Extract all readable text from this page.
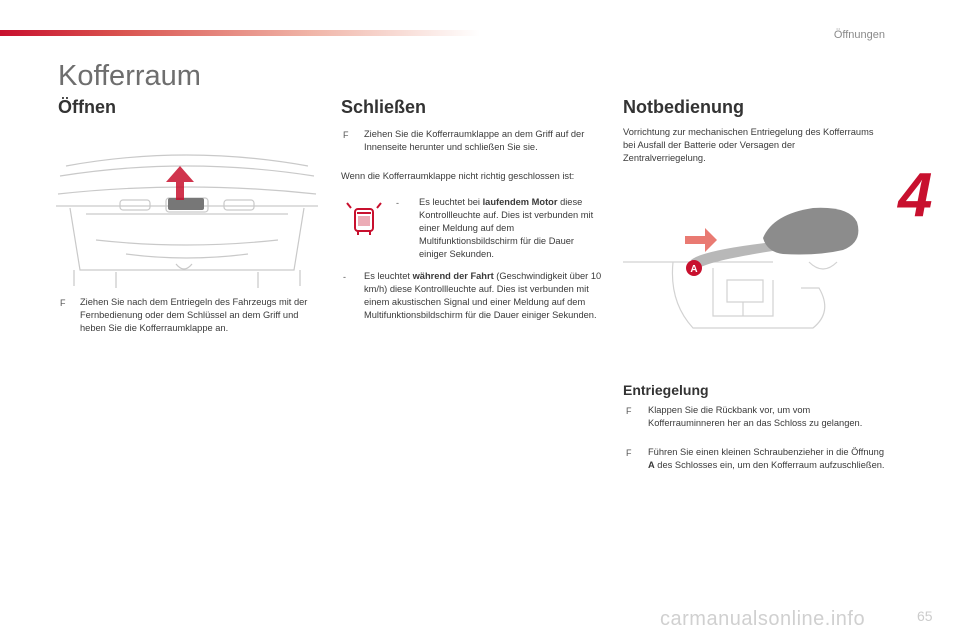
Öffnungen
4
Kofferraum
Öffnen
F Ziehen Sie nach dem Entriegeln des Fahrzeugs mit der Fernbedienung oder dem Schlüssel an dem Griff und heben Sie die Kofferraumklappe an.
Schließen
F Ziehen Sie die Kofferraumklappe an dem Griff auf der Innenseite herunter und schließen Sie sie.
Wenn die Kofferraumklappe nicht richtig geschlossen ist:
- Es leuchtet bei laufendem Motor diese Kontrollleuchte auf. Dies ist verbunden mit einer Meldung auf dem Multifunktionsbildschirm für die Dauer einiger Sekunden.
- Es leuchtet während der Fahrt (Geschwindigkeit über 10 km/h) diese Kontrollleuchte auf. Dies ist verbunden mit einem akustischen Signal und einer Meldung auf dem Multifunktionsbildschirm für die Dauer einiger Sekunden.
Notbedienung
Vorrichtung zur mechanischen Entriegelung des Kofferraums bei Ausfall der Batterie oder Versagen der Zentralverriegelung.
A
Entriegelung
F Klappen Sie die Rückbank vor, um vom Kofferrauminneren her an das Schloss zu gelangen.
F Führen Sie einen kleinen Schraubenzieher in die Öffnung A des Schlosses ein, um den Kofferraum aufzuschließen.
carmanualsonline.info	65
